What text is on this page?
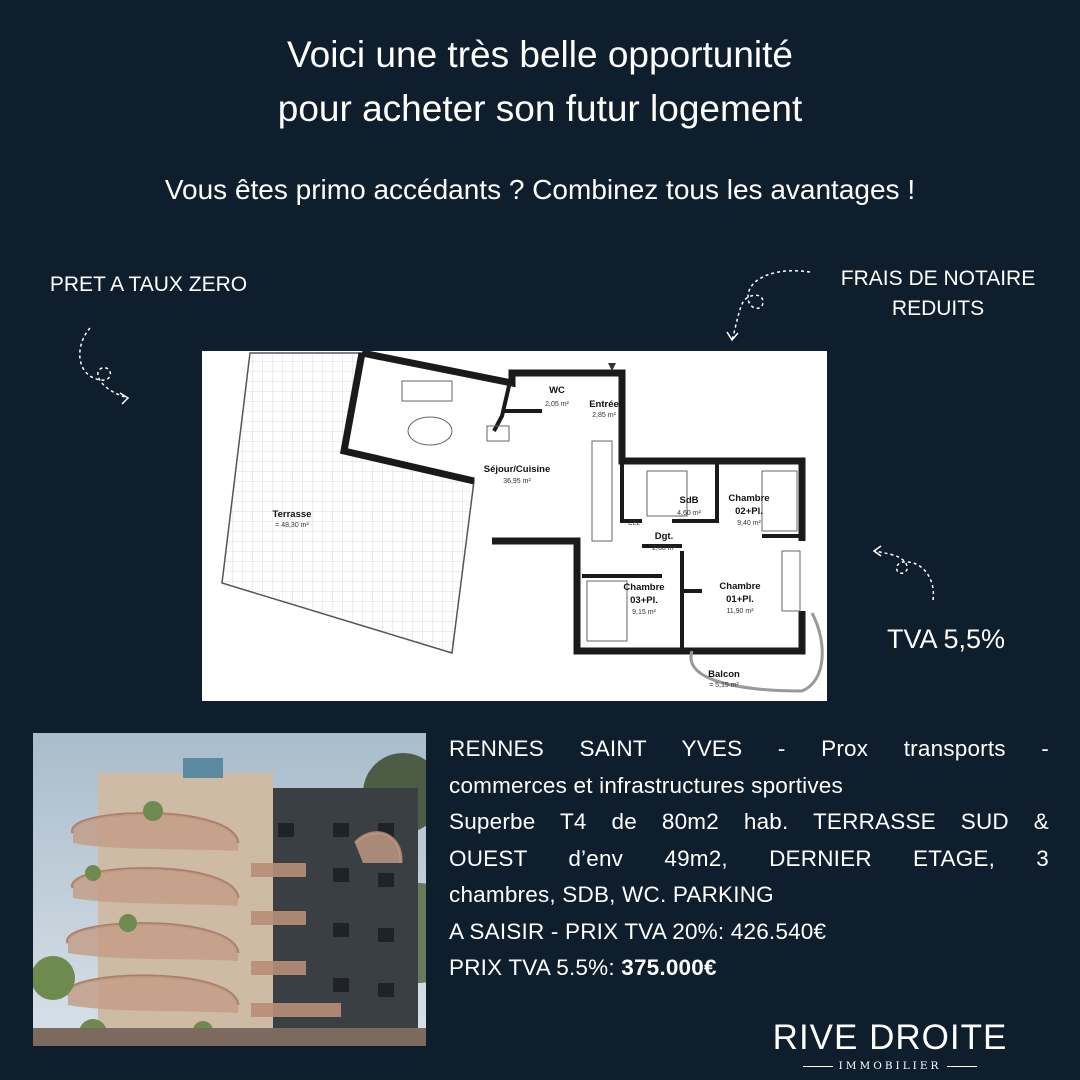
Voici une très belle opportunité
pour acheter son futur logement
Vous êtes primo accédants ? Combinez tous les avantages !
PRET A TAUX ZERO	FRAIS DE NOTAIRE
REDUITS
TVA 5,5%
Terrasse
Séjour/Cuisine
WC
Entrée
SdB	Chambre
02+Pl.
Dgt.
Chambre
03+Pl.
Chambre
01+Pl.
Balcon
= 48,30 m²
36,95 m²
2,05 m²
2,85 m²
4,60 m²
9,40 m²
2,60 m²
9,15 m²	11,90 m²
= 5,15 m²
CEL
RENNES SAINT YVES - Prox transports -
commerces et infrastructures sportives
Superbe T4 de 80m2 hab. TERRASSE SUD &
OUEST d’env 49m2, DERNIER ETAGE, 3
chambres, SDB, WC. PARKING
A SAISIR - PRIX TVA 20%: 426.540€
PRIX TVA 5.5%: 375.000€
RIVE DROITE
IMMOBILIER
